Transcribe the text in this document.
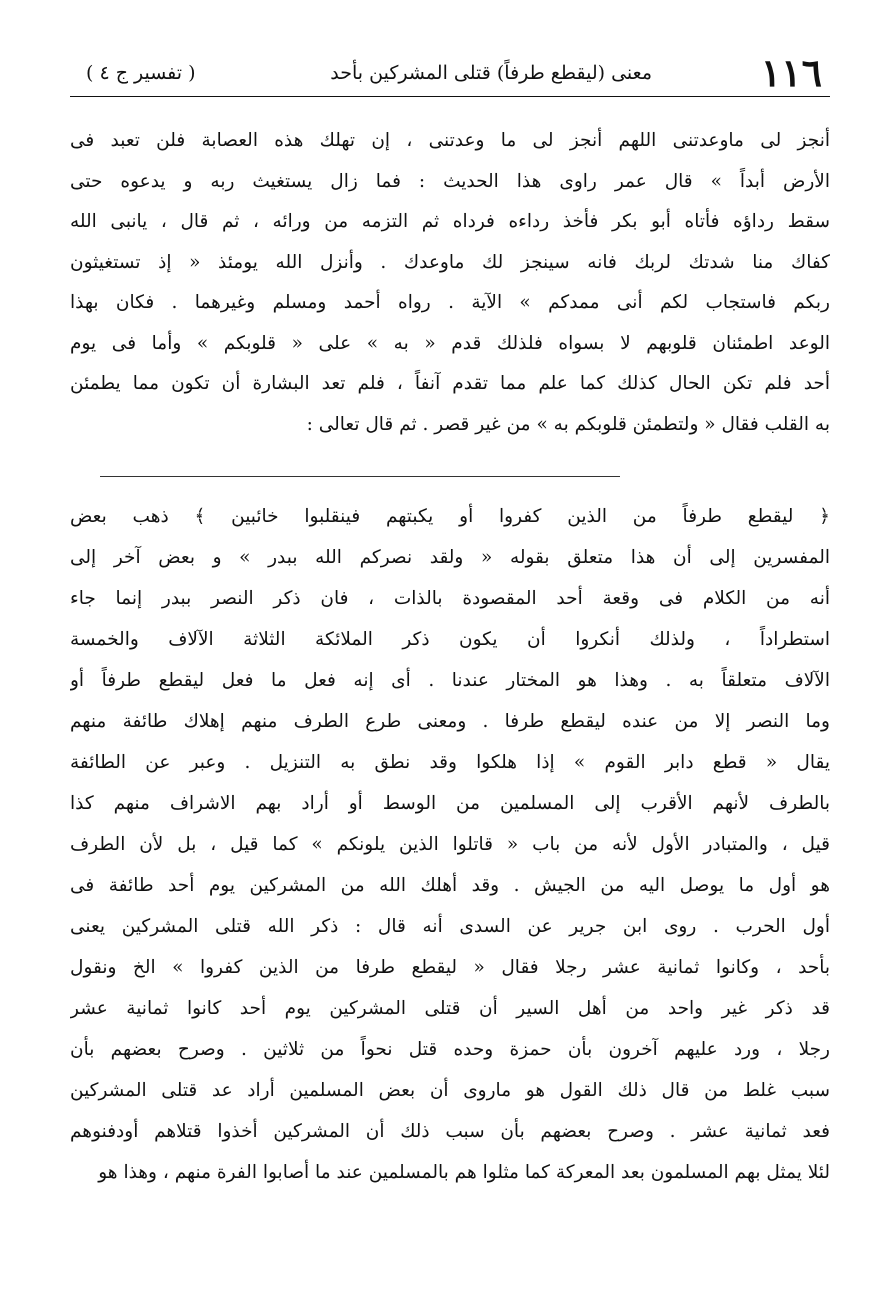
١١٦
معنى (ليقطع طرفاً) قتلى المشركين بأحد
( تفسير ج ٤ )
أنجز لى ماوعدتنى اللهم أنجز لى ما وعدتنى ، إن تهلك هذه العصابة فلن تعبد فى
الأرض أبداً » قال عمر راوى هذا الحديث : فما زال يستغيث ربه و يدعوه حتى
سقط رداؤه فأتاه أبو بكر فأخذ رداءه فرداه ثم التزمه من ورائه ، ثم قال ، يانبى الله
كفاك منا شدتك لربك فانه سينجز لك ماوعدك . وأنزل الله يومئذ « إذ تستغيثون
ربكم فاستجاب لكم أنى ممدكم » الآية . رواه أحمد ومسلم وغيرهما . فكان بهذا
الوعد اطمئنان قلوبهم لا بسواه فلذلك قدم « به » على « قلوبكم » وأما فى يوم
أحد فلم تكن الحال كذلك كما علم مما تقدم آنفاً ، فلم تعد البشارة أن تكون مما يطمئن
به القلب فقال « ولتطمئن قلوبكم به » من غير قصر . ثم قال تعالى :
﴿ ليقطع طرفاً من الذين كفروا أو يكبتهم فينقلبوا خائبين ﴾ ذهب بعض
المفسرين إلى أن هذا متعلق بقوله « ولقد نصركم الله ببدر » و بعض آخر إلى
أنه من الكلام فى وقعة أحد المقصودة بالذات ، فان ذكر النصر ببدر إنما جاء
استطراداً ، ولذلك أنكروا أن يكون ذكر الملائكة الثلاثة الآلاف والخمسة
الآلاف متعلقاً به . وهذا هو المختار عندنا . أى إنه فعل ما فعل ليقطع طرفاً أو
وما النصر إلا من عنده ليقطع طرفا . ومعنى طرع الطرف منهم إهلاك طائفة منهم
يقال « قطع دابر القوم » إذا هلكوا وقد نطق به التنزيل . وعبر عن الطائفة
بالطرف لأنهم الأقرب إلى المسلمين من الوسط أو أراد بهم الاشراف منهم كذا
قيل ، والمتبادر الأول لأنه من باب « قاتلوا الذين يلونكم » كما قيل ، بل لأن الطرف
هو أول ما يوصل اليه من الجيش . وقد أهلك الله من المشركين يوم أحد طائفة فى
أول الحرب . روى ابن جرير عن السدى أنه قال : ذكر الله قتلى المشركين يعنى
بأحد ، وكانوا ثمانية عشر رجلا فقال « ليقطع طرفا من الذين كفروا » الخ ونقول
قد ذكر غير واحد من أهل السير أن قتلى المشركين يوم أحد كانوا ثمانية عشر
رجلا ، ورد عليهم آخرون بأن حمزة وحده قتل نحواً من ثلاثين . وصرح بعضهم بأن
سبب غلط من قال ذلك القول هو ماروى أن بعض المسلمين أراد عد قتلى المشركين
فعد ثمانية عشر . وصرح بعضهم بأن سبب ذلك أن المشركين أخذوا قتلاهم أودفنوهم
لئلا يمثل بهم المسلمون بعد المعركة كما مثلوا هم بالمسلمين عند ما أصابوا الفرة منهم ، وهذا هو
